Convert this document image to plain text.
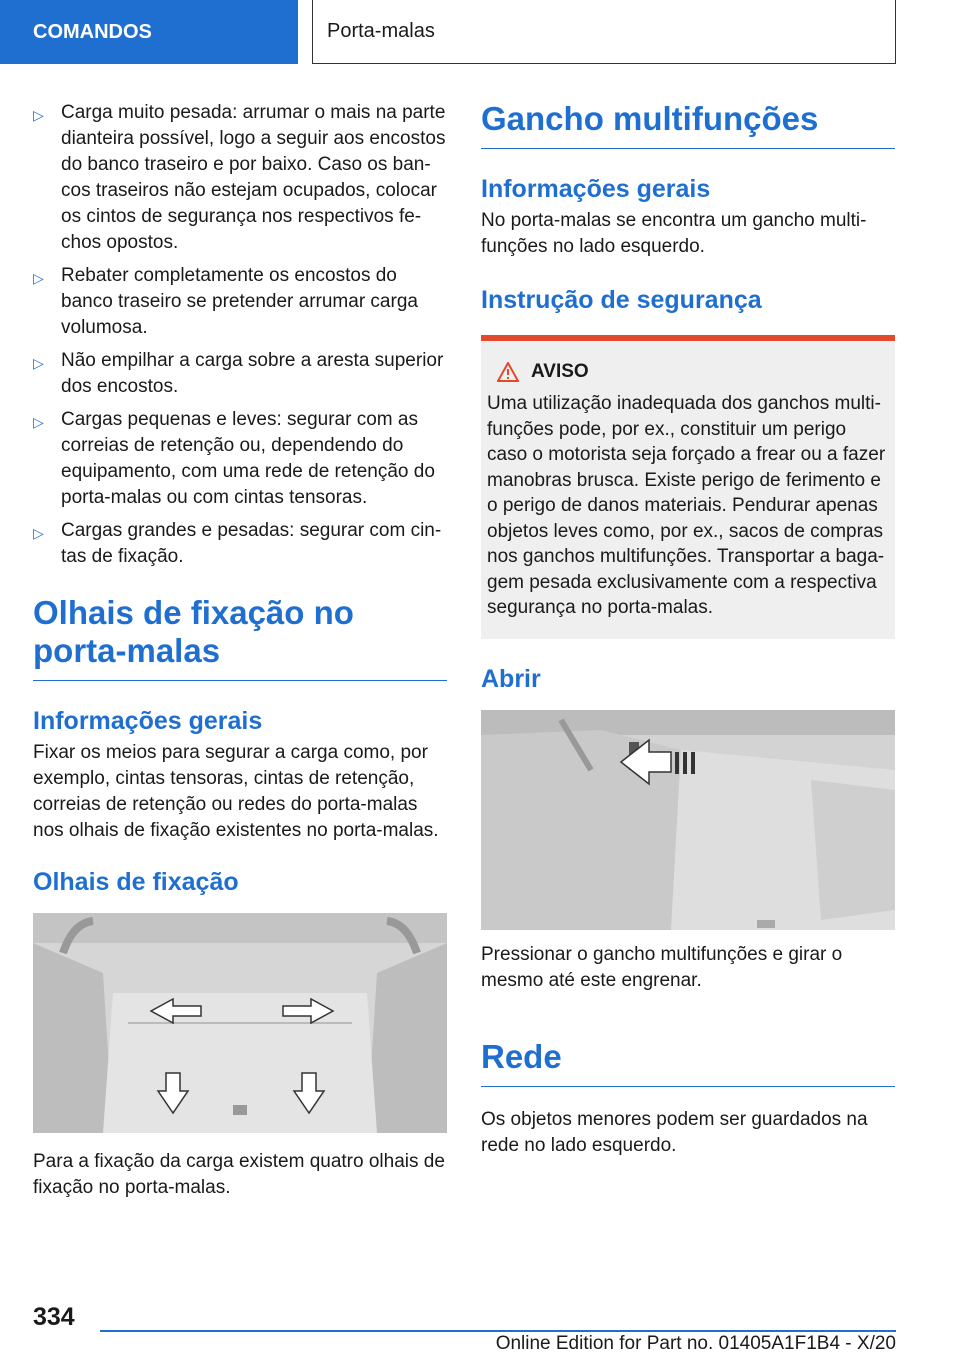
COMANDOS	Porta-malas
▷ Carga muito pesada: arrumar o mais na parte dianteira possível, logo a seguir aos encostos do banco traseiro e por baixo. Caso os ban-cos traseiros não estejam ocupados, colocar os cintos de segurança nos respectivos fe-chos opostos.
▷ Rebater completamente os encostos do banco traseiro se pretender arrumar carga volumosa.
▷ Não empilhar a carga sobre a aresta superior dos encostos.
▷ Cargas pequenas e leves: segurar com as correias de retenção ou, dependendo do equipamento, com uma rede de retenção do porta-malas ou com cintas tensoras.
▷ Cargas grandes e pesadas: segurar com cin-tas de fixação.
Olhais de fixação no porta-malas
Informações gerais

Fixar os meios para segurar a carga como, por exemplo, cintas tensoras, cintas de retenção, correias de retenção ou redes do porta-malas nos olhais de fixação existentes no porta-malas.

Olhais de fixação

Para a fixação da carga existem quatro olhais de fixação no porta-malas.

Gancho multifunções
Informações gerais

No porta-malas se encontra um gancho multi-funções no lado esquerdo.

Instrução de segurança
AVISO

Uma utilização inadequada dos ganchos multi-funções pode, por ex., constituir um perigo caso o motorista seja forçado a frear ou a fazer manobras brusca. Existe perigo de ferimento e o perigo de danos materiais. Pendurar apenas objetos leves como, por ex., sacos de compras nos ganchos multifunções. Transportar a baga-gem pesada exclusivamente com a respectiva segurança no porta-malas.

Abrir

Pressionar o gancho multifunções e girar o mesmo até este engrenar.

Rede

Os objetos menores podem ser guardados na rede no lado esquerdo.

334
Online Edition for Part no. 01405A1F1B4 - X/20
